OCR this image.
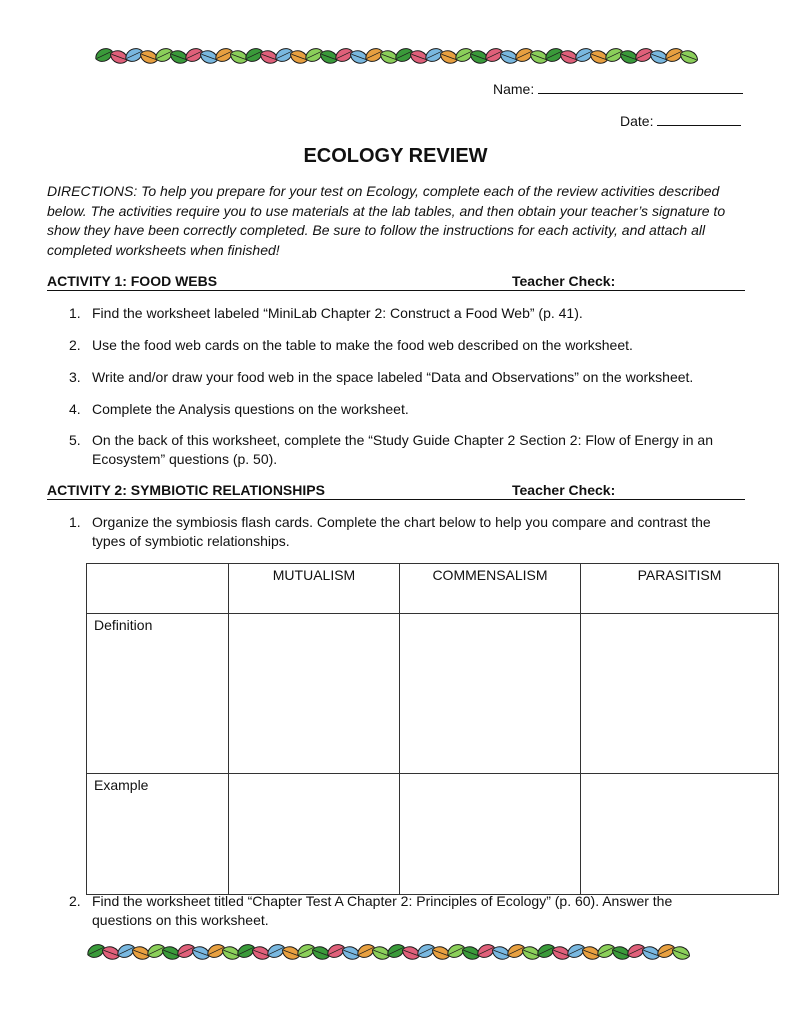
Name:
Date:
ECOLOGY REVIEW
DIRECTIONS: To help you prepare for your test on Ecology, complete each of the review activities described below. The activities require you to use materials at the lab tables, and then obtain your teacher’s signature to show they have been correctly completed. Be sure to follow the instructions for each activity, and attach all completed worksheets when finished!
ACTIVITY 1: FOOD WEBS	Teacher Check:
1. Find the worksheet labeled “MiniLab Chapter 2: Construct a Food Web” (p. 41).
2. Use the food web cards on the table to make the food web described on the worksheet.
3. Write and/or draw your food web in the space labeled “Data and Observations” on the worksheet.
4. Complete the Analysis questions on the worksheet.
5. On the back of this worksheet, complete the “Study Guide Chapter 2 Section 2: Flow of Energy in an Ecosystem” questions (p. 50).
ACTIVITY 2: SYMBIOTIC RELATIONSHIPS	Teacher Check:
1. Organize the symbiosis flash cards. Complete the chart below to help you compare and contrast the types of symbiotic relationships.
	MUTUALISM	COMMENSALISM	PARASITISM
Definition			
Example			
2. Find the worksheet titled “Chapter Test A Chapter 2: Principles of Ecology” (p. 60). Answer the questions on this worksheet.
